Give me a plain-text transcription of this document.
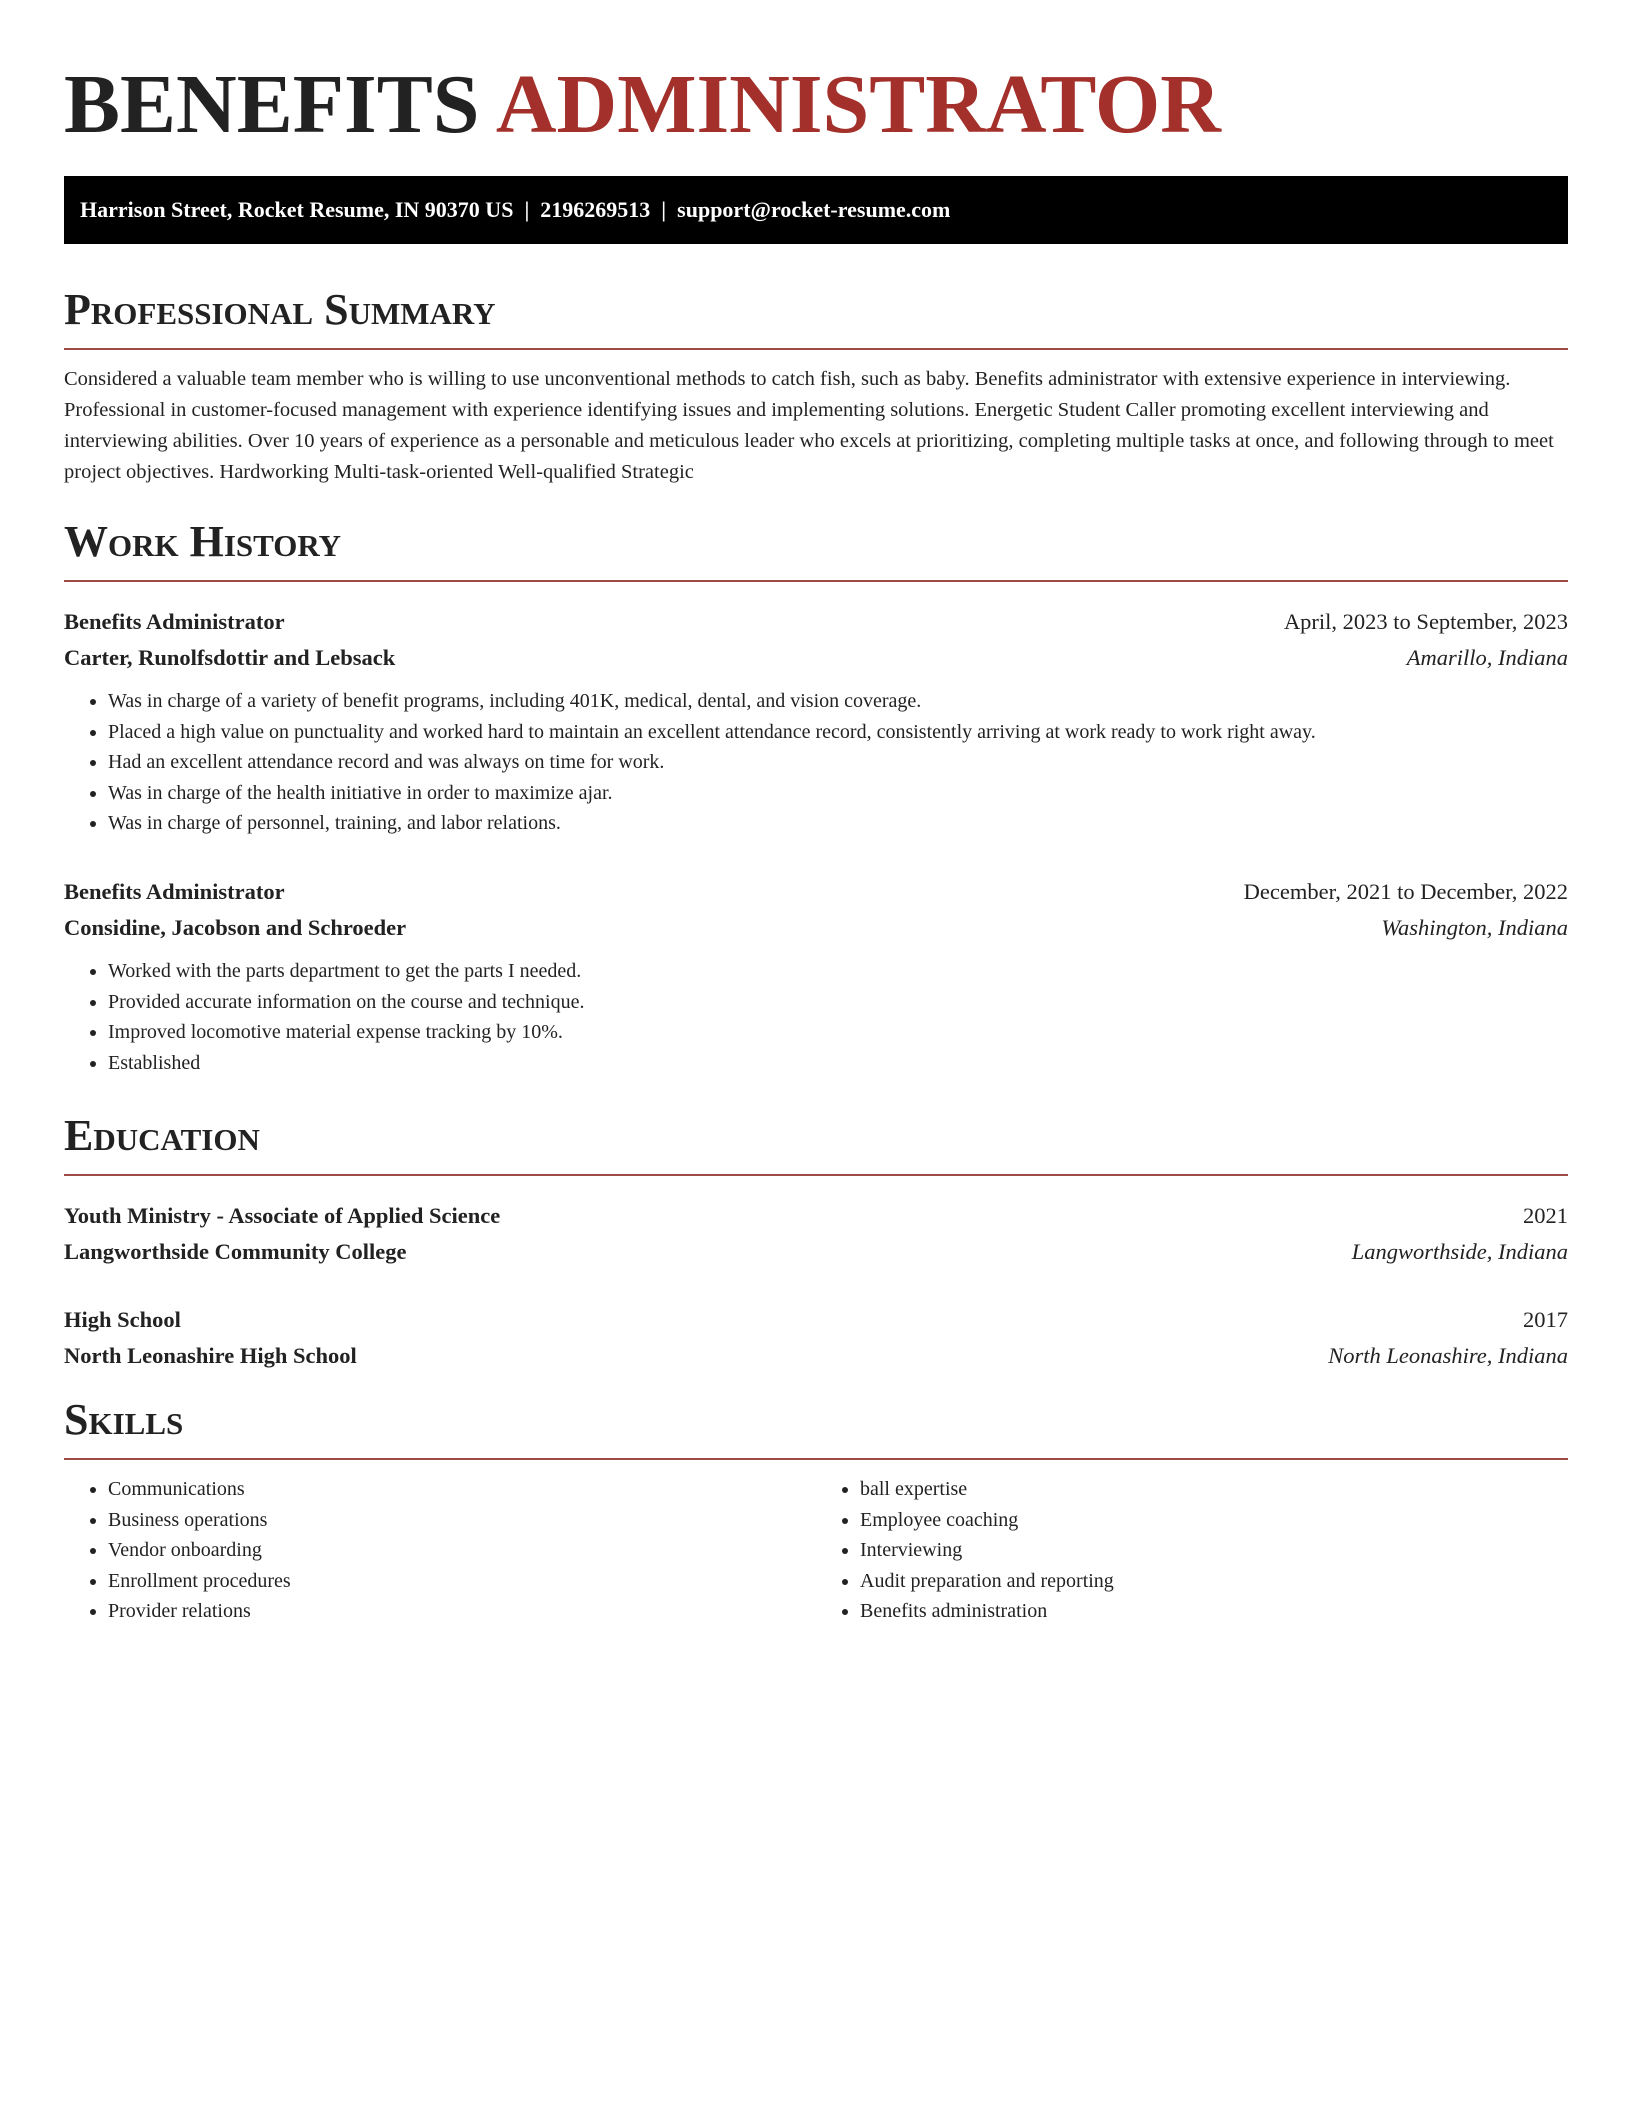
BENEFITS ADMINISTRATOR
Harrison Street, Rocket Resume, IN 90370 US | 2196269513 | support@rocket-resume.com
Professional Summary

Considered a valuable team member who is willing to use unconventional methods to catch fish, such as baby. Benefits administrator with extensive experience in interviewing. Professional in customer-focused management with experience identifying issues and implementing solutions. Energetic Student Caller promoting excellent interviewing and interviewing abilities. Over 10 years of experience as a personable and meticulous leader who excels at prioritizing, completing multiple tasks at once, and following through to meet project objectives. Hardworking Multi-task-oriented Well-qualified Strategic

Work History
Benefits Administrator	April, 2023 to September, 2023
Carter, Runolfsdottir and Lebsack	Amarillo, Indiana
• Was in charge of a variety of benefit programs, including 401K, medical, dental, and vision coverage.
• Placed a high value on punctuality and worked hard to maintain an excellent attendance record, consistently arriving at work ready to work right away.
• Had an excellent attendance record and was always on time for work.
• Was in charge of the health initiative in order to maximize ajar.
• Was in charge of personnel, training, and labor relations.
Benefits Administrator	December, 2021 to December, 2022
Considine, Jacobson and Schroeder	Washington, Indiana
• Worked with the parts department to get the parts I needed.
• Provided accurate information on the course and technique.
• Improved locomotive material expense tracking by 10%.
• Established
Education
Youth Ministry - Associate of Applied Science	2021
Langworthside Community College	Langworthside, Indiana
High School	2017
North Leonashire High School	North Leonashire, Indiana
Skills
• Communications
• Business operations
• Vendor onboarding
• Enrollment procedures
• Provider relations
• ball expertise
• Employee coaching
• Interviewing
• Audit preparation and reporting
• Benefits administration
